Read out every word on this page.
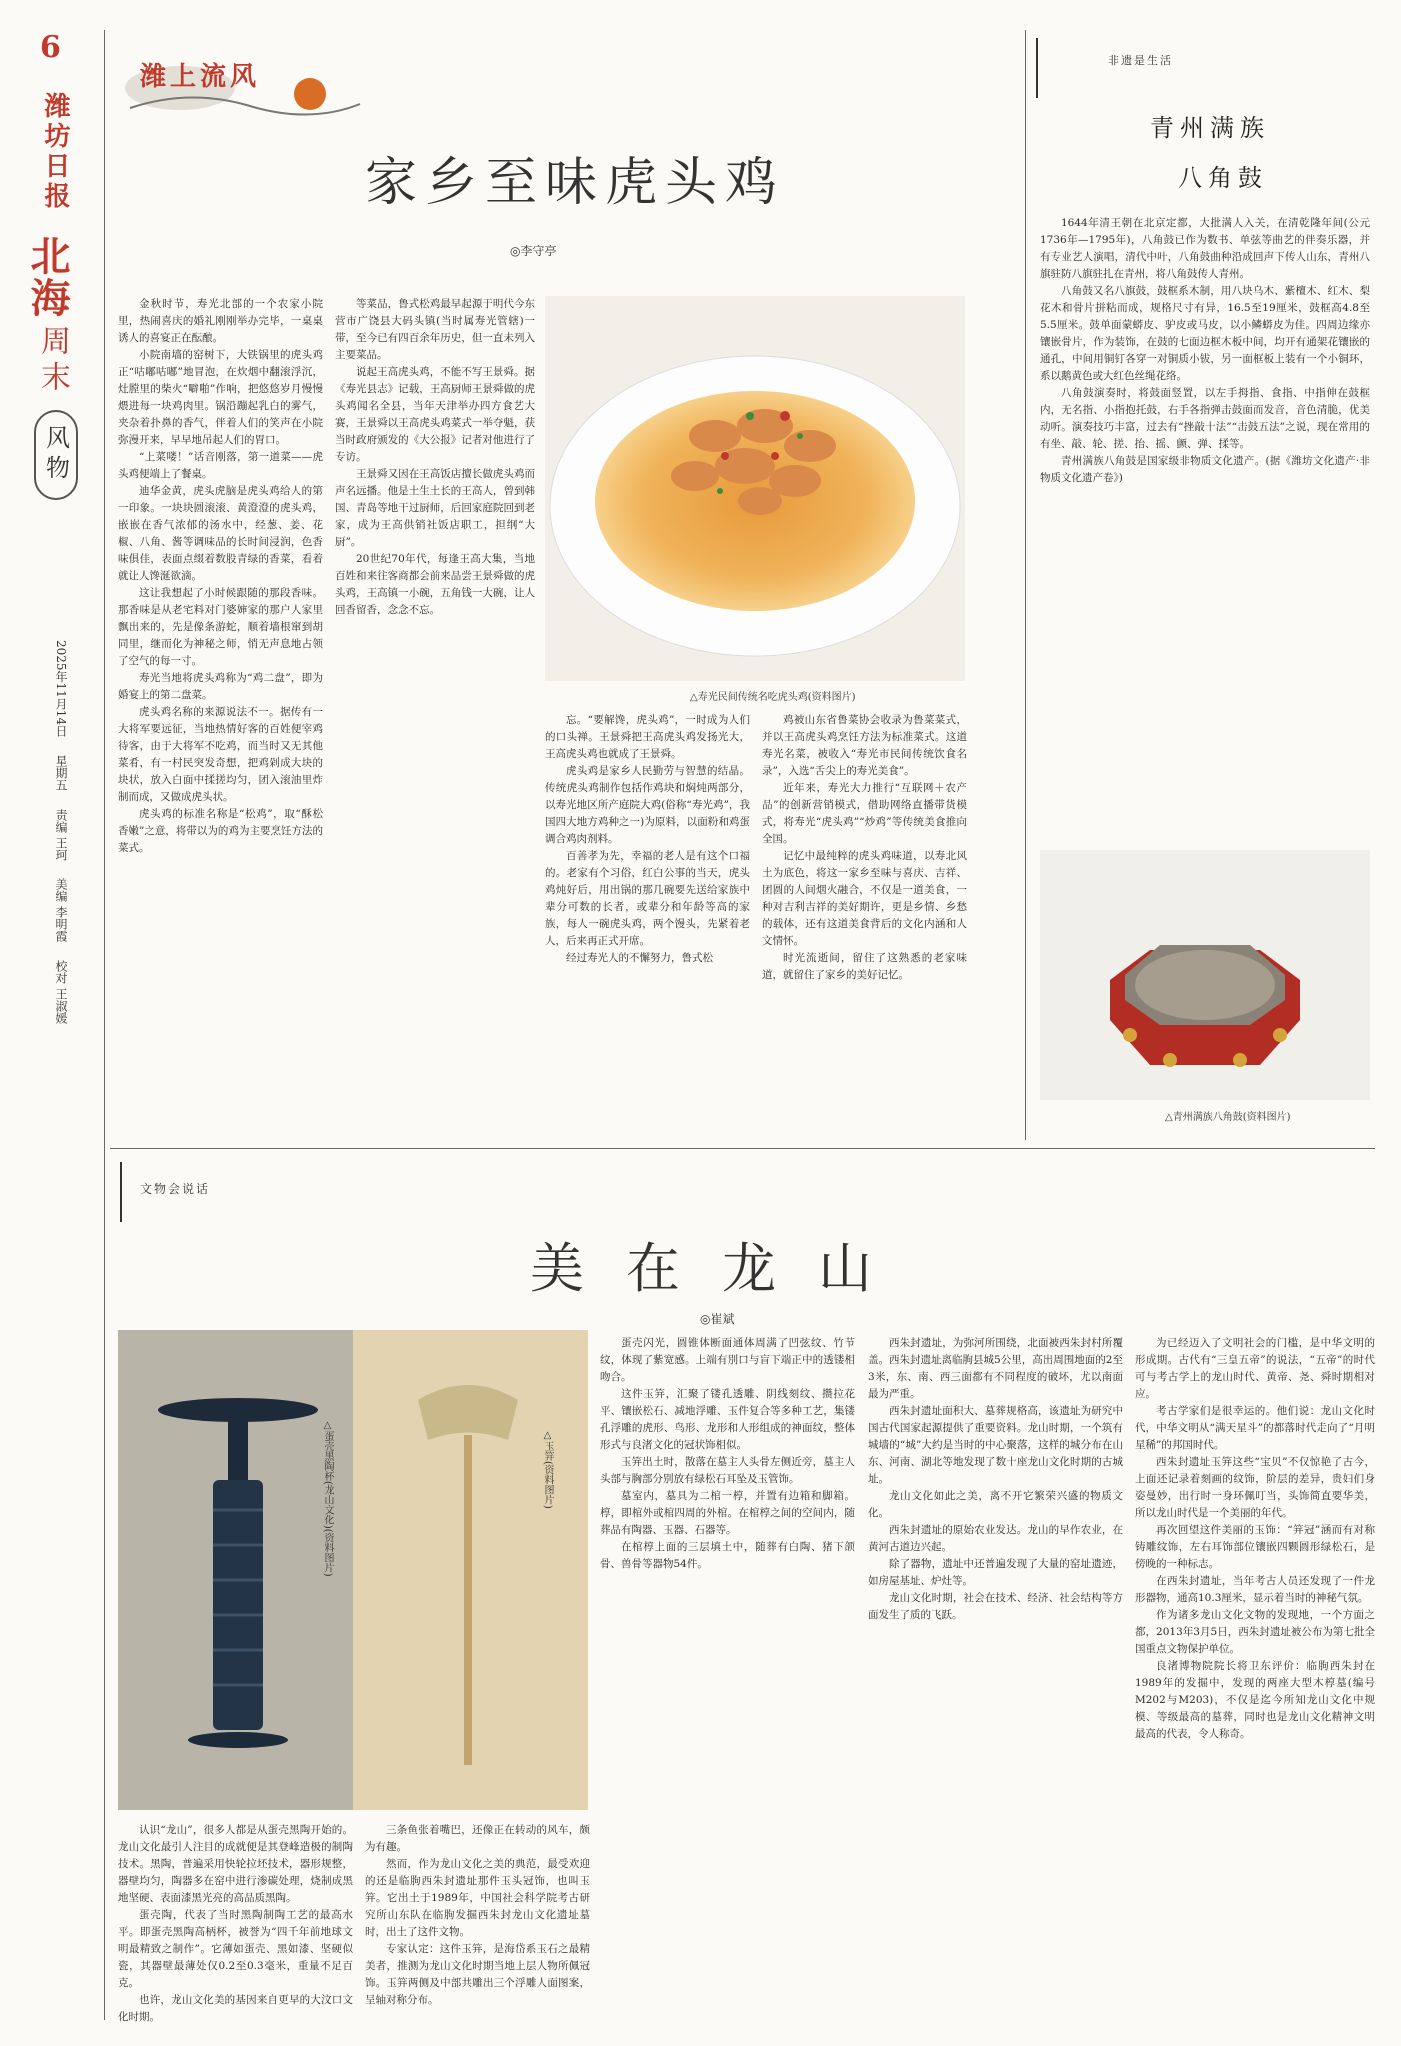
6
潍坊日报
北海
周末
风物
2025年11月14日 星期五 责编 王珂 美编 李明霞 校对 王淑媛
潍上流风
家乡至味虎头鸡
◎李守亭
△寿光民间传统名吃虎头鸡(资料图片)

金秋时节，寿光北部的一个农家小院里，热闹喜庆的婚礼刚刚举办完毕，一桌桌诱人的喜宴正在酝酿。

小院南墙的窑树下，大铁锅里的虎头鸡正“咕嘟咕嘟”地冒泡，在炊烟中翻滚浮沉，灶膛里的柴火“噼啪”作响，把悠悠岁月慢慢煨进每一块鸡肉里。锅沿蹦起乳白的雾气，夹杂着扑鼻的香气，伴着人们的笑声在小院弥漫开来，早早地吊起人们的胃口。

“上菜喽！”话音刚落，第一道菜——虎头鸡便端上了餐桌。

迪华金黄，虎头虎脑是虎头鸡给人的第一印象。一块块圆滚滚、黄澄澄的虎头鸡，嵌嵌在香气浓郁的汤水中，经葱、姜、花椒、八角、酱等调味品的长时间浸润，色香味俱佳，表面点缀着数股青绿的香菜，看着就让人馋涎欲滴。

这让我想起了小时候跟随的那段香味。那香味是从老宅料对门婆婶家的那户人家里飘出来的，先是像条游蛇，顺着墙根窜到胡同里，继而化为神秘之师，悄无声息地占领了空气的每一寸。

寿光当地将虎头鸡称为“鸡二盘”，即为婚宴上的第二盘菜。

虎头鸡名称的来源说法不一。据传有一大将军要远征，当地热情好客的百姓便宰鸡待客，由于大将军不吃鸡，而当时又无其他菜肴，有一村民突发奇想，把鸡剁成大块的块状，放入白面中揉搓均匀，团入滚油里炸制而成，又做成虎头状。

虎头鸡的标准名称是“松鸡”，取“酥松香嫩”之意，将带以为的鸡为主要烹饪方法的菜式。

等菜品，鲁式松鸡最早起源于明代今东营市广饶县大码头镇(当时属寿光管辖)一带，至今已有四百余年历史，但一直未列入主要菜品。

说起王高虎头鸡，不能不写王景舜。据《寿光县志》记载，王高厨师王景舜做的虎头鸡闻名全县，当年天津举办四方食艺大赛，王景舜以王高虎头鸡菜式一举夺魁，获当时政府颁发的《大公报》记者对他进行了专访。

王景舜又因在王高饭店擅长做虎头鸡而声名远播。他是土生土长的王高人，曾到韩国、青岛等地干过厨师，后回家庭院回到老家，成为王高供销社饭店职工，担纲“大厨”。

20世纪70年代，每逢王高大集，当地百姓和来往客商都会前来品尝王景舜做的虎头鸡，王高镇一小碗，五角钱一大碗，让人回香留香，念念不忘。

忘。“要解馋，虎头鸡”，一时成为人们的口头禅。王景舜把王高虎头鸡发扬光大，王高虎头鸡也就成了王景舜。

虎头鸡是家乡人民勤劳与智慧的结晶。传统虎头鸡制作包括作鸡块和焖炖两部分，以寿光地区所产庭院大鸡(俗称“寿光鸡”，我国四大地方鸡种之一)为原料，以面粉和鸡蛋调合鸡肉剂料。

百善孝为先，幸福的老人是有这个口福的。老家有个习俗，红白公事的当天，虎头鸡炖好后，用出锅的那几碗要先送给家族中辈分可数的长者，或辈分和年龄等高的家族，每人一碗虎头鸡，两个馒头，先紧着老人，后来再正式开席。

经过寿光人的不懈努力，鲁式松

鸡被山东省鲁菜协会收录为鲁菜菜式，并以王高虎头鸡烹饪方法为标准菜式。这道寿光名菜，被收入“寿光市民间传统饮食名录”，入选“舌尖上的寿光美食”。

近年来，寿光大力推行“互联网＋农产品”的创新营销模式，借助网络直播带货模式，将寿光“虎头鸡”“炒鸡”等传统美食推向全国。

记忆中最纯粹的虎头鸡味道，以寿北风土为底色，将这一家乡至味与喜庆、吉祥、团圆的人间烟火融合，不仅是一道美食，一种对吉利吉祥的美好期许，更是乡情、乡愁的载体，还有这道美食背后的文化内涵和人文情怀。

时光流逝间，留住了这熟悉的老家味道，就留住了家乡的美好记忆。

非遗是生活
青州满族
八角鼓

1644年清王朝在北京定都，大批满人入关，在清乾隆年间(公元1736年—1795年)，八角鼓已作为数书、单弦等曲艺的伴奏乐器，并有专业艺人演唱，清代中叶，八角鼓曲种沿成回声下传人山东，青州八旗驻防八旗驻扎在青州，将八角鼓传人青州。

八角鼓又名八旗鼓，鼓框系木制，用八块乌木、紫檀木、红木、梨花木和骨片拼粘而成，规格尺寸有异，16.5至19厘米，鼓框高4.8至5.5厘米。鼓单面蒙蟒皮、驴皮或马皮，以小鳞蟒皮为佳。四周边缘亦镶嵌骨片，作为装饰，在鼓的七面边框木板中间，均开有通架花镶嵌的通孔，中间用铜钉各穿一对铜质小钹，另一面框板上装有一个小铜环，系以鹅黄色或大红色丝绳花络。

八角鼓演奏时，将鼓面竖置，以左手拇指、食指、中指伸在鼓框内，无名指、小指抱托鼓，右手各指弹击鼓面而发音，音色清脆，优美动听。演奏技巧丰富，过去有“挫敲十法”“击鼓五法”之说，现在常用的有坐、敲、轮、搓、抬、摇、颤、弹、揉等。

青州满族八角鼓是国家级非物质文化遗产。(据《潍坊文化遗产·非物质文化遗产卷》)

△青州满族八角鼓(资料图片)
文物会说话
美在龙山
◎崔斌
△蛋壳黑陶杯(龙山文化)(资料图片)	△玉笄(资料图片)

认识“龙山”，很多人都是从蛋壳黑陶开始的。龙山文化最引人注目的成就便是其登峰造极的制陶技术。黑陶，普遍采用快轮拉坯技术，器形规整，器壁均匀，陶器多在窑中进行渗碳处理，烧制成黑地坚硬、表面漆黑光亮的高品质黑陶。

蛋壳陶，代表了当时黑陶制陶工艺的最高水平。即蛋壳黑陶高柄杯，被誉为“四千年前地球文明最精致之制作”。它薄如蛋壳、黑如漆、坚硬似瓷，其器壁最薄处仅0.2至0.3毫米，重量不足百克。

也许，龙山文化美的基因来自更早的大汶口文化时期。

三条鱼张着嘴巴，还像正在转动的风车，颇为有趣。

然而，作为龙山文化之美的典范，最受欢迎的还是临朐西朱封遗址那件玉头冠饰，也叫玉笄。它出土于1989年，中国社会科学院考古研究所山东队在临朐发掘西朱封龙山文化遗址墓时，出土了这件文物。

专家认定：这件玉笄，是海岱系玉石之最精美者，推测为龙山文化时期当地上层人物所佩冠饰。玉笄两侧及中部共雕出三个浮雕人面图案，呈轴对称分布。

蛋壳闪光，圆锥体断面通体周满了凹弦纹、竹节纹，体现了紫宽感。上端有別口与盲下端正中的透镂相吻合。

这件玉笄，汇聚了镂孔透雕、阴线刻纹、攒拉花平、镶嵌松石、减地浮雕、玉件复合等多种工艺，集镂孔浮雕的虎形、鸟形、龙形和人形组成的神面纹，整体形式与良渚文化的冠状饰相似。

玉笄出土时，散落在墓主人头骨左侧近旁，墓主人头部与胸部分别放有绿松石耳坠及玉管饰。

墓室内，墓具为二棺一椁，并置有边箱和脚箱。椁，即棺外或棺四周的外棺。在棺椁之间的空间内，随葬品有陶器、玉器、石器等。

在棺椁上面的三层填土中，随葬有白陶、猪下颌骨、兽骨等器物54件。

西朱封遗址，为弥河所围绕，北面被西朱封村所覆盖。西朱封遗址离临朐县城5公里，高出周围地面的2至3米，东、南、西三面都有不同程度的破坏，尤以南面最为严重。

西朱封遗址面积大、墓葬规格高，该遗址为研究中国古代国家起源提供了重要资料。龙山时期，一个筑有城墙的“城”大约是当时的中心聚落，这样的城分布在山东、河南、湖北等地发现了数十座龙山文化时期的古城址。

龙山文化如此之美，离不开它繁荣兴盛的物质文化。

西朱封遗址的原始农业发达。龙山的早作农业，在黄河古道边兴起。

除了器物，遗址中还普遍发现了大量的窑址遗迹，如房屋基址、炉灶等。

龙山文化时期，社会在技术、经济、社会结构等方面发生了质的飞跃。

为已经迈入了文明社会的门槛，是中华文明的形成期。古代有“三皇五帝”的说法，“五帝”的时代可与考古学上的龙山时代、黄帝、尧、舜时期相对应。

考古学家们是很幸运的。他们说：龙山文化时代，中华文明从“满天星斗”的都落时代走向了“月明星稀”的邦国时代。

西朱封遗址玉笄这些“宝贝”不仅惊艳了古今，上面还记录着刻画的纹饰，阶层的差异，贵妇们身姿曼妙，出行时一身环佩叮当，头饰简直要华美，所以龙山时代是一个美丽的年代。

再次回望这件美丽的玉饰：“笄冠”涵而有对称铸雕纹饰，左右耳饰部位镶嵌四颗圆形绿松石，是傍晚的一种标志。

在西朱封遗址，当年考古人员还发现了一件龙形器物，通高10.3厘米，显示着当时的神秘气氛。

作为诸多龙山文化文物的发现地，一个方面之都，2013年3月5日，西朱封遗址被公布为第七批全国重点文物保护单位。

良渚博物院院长将卫东评价：临朐西朱封在1989年的发掘中，发现的两座大型木椁墓(编号M202与M203)，不仅是迄今所知龙山文化中规模、等级最高的墓葬，同时也是龙山文化精神文明最高的代表，令人称奇。
